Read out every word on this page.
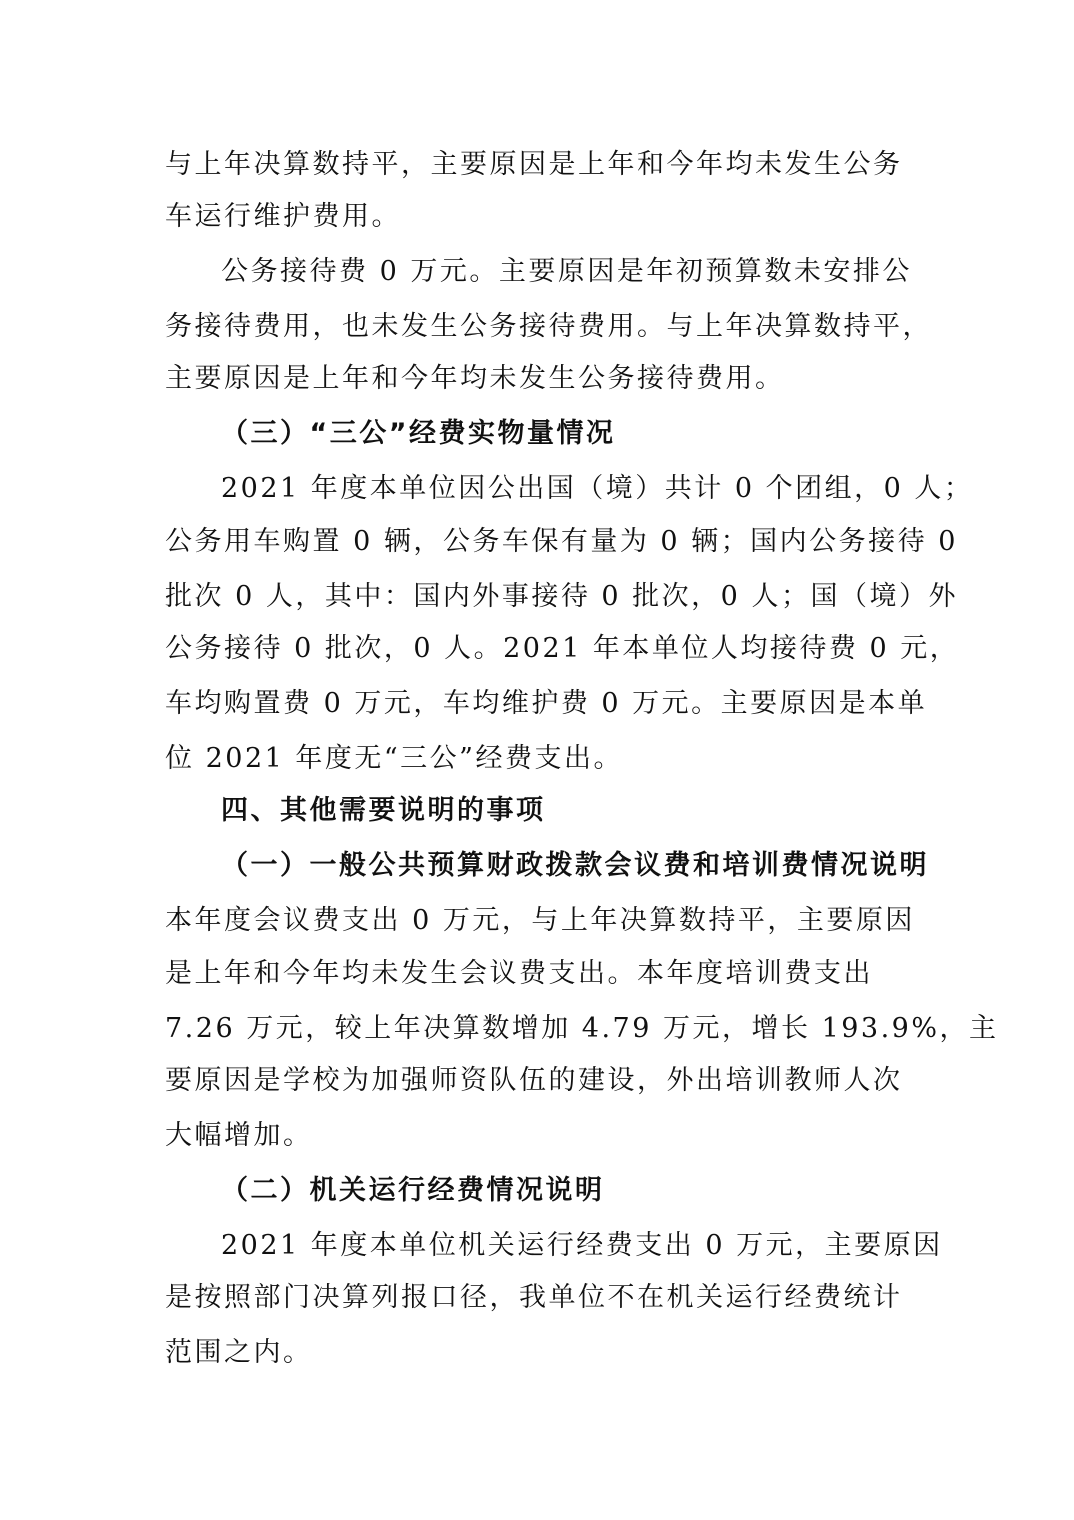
与上年决算数持平，主要原因是上年和今年均未发生公务
车运行维护费用。
公务接待费 0 万元。主要原因是年初预算数未安排公
务接待费用，也未发生公务接待费用。与上年决算数持平，
主要原因是上年和今年均未发生公务接待费用。
（三）“三公”经费实物量情况
2021 年度本单位因公出国（境）共计 0 个团组，0 人；
公务用车购置 0 辆，公务车保有量为 0 辆；国内公务接待 0
批次 0 人，其中：国内外事接待 0 批次，0 人；国（境）外
公务接待 0 批次，0 人。2021 年本单位人均接待费 0 元，
车均购置费 0 万元，车均维护费 0 万元。主要原因是本单
位 2021 年度无“三公”经费支出。
四、其他需要说明的事项
（一）一般公共预算财政拨款会议费和培训费情况说明
本年度会议费支出 0 万元，与上年决算数持平，主要原因
是上年和今年均未发生会议费支出。本年度培训费支出
7.26 万元，较上年决算数增加 4.79 万元，增长 193.9%，主
要原因是学校为加强师资队伍的建设，外出培训教师人次
大幅增加。
（二）机关运行经费情况说明
2021 年度本单位机关运行经费支出 0 万元，主要原因
是按照部门决算列报口径，我单位不在机关运行经费统计
范围之内。
